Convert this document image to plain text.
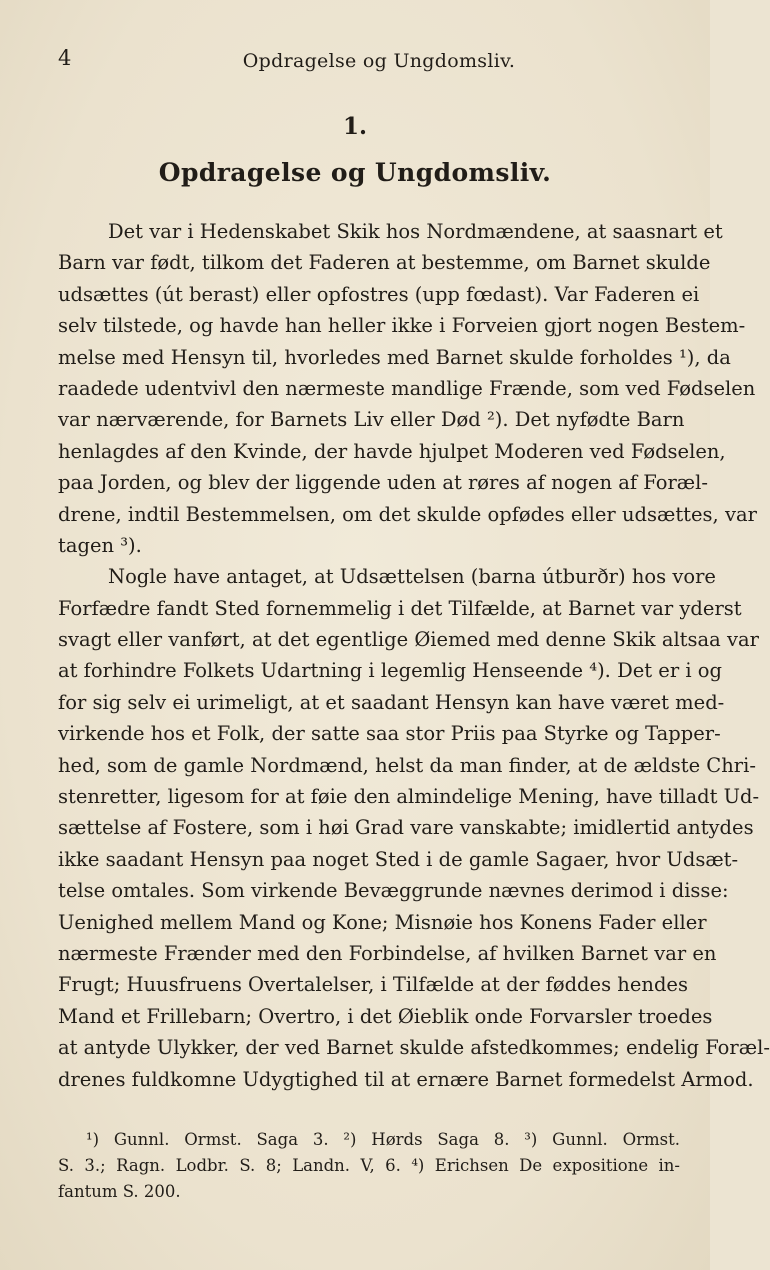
4	Opdragelse og Ungdomsliv.
1.
Opdragelse og Ungdomsliv.
Det var i Hedenskabet Skik hos Nordmændene, at saasnart et
Barn var født, tilkom det Faderen at bestemme, om Barnet skulde
udsættes (út berast) eller opfostres (upp fœdast). Var Faderen ei
selv tilstede, og havde han heller ikke i Forveien gjort nogen Bestem-
melse med Hensyn til, hvorledes med Barnet skulde forholdes ¹), da
raadede udentvivl den nærmeste mandlige Frænde, som ved Fødselen
var nærværende, for Barnets Liv eller Død ²). Det nyfødte Barn
henlagdes af den Kvinde, der havde hjulpet Moderen ved Fødselen,
paa Jorden, og blev der liggende uden at røres af nogen af Foræl-
drene, indtil Bestemmelsen, om det skulde opfødes eller udsættes, var
tagen ³).
Nogle have antaget, at Udsættelsen (barna útburðr) hos vore
Forfædre fandt Sted fornemmelig i det Tilfælde, at Barnet var yderst
svagt eller vanført, at det egentlige Øiemed med denne Skik altsaa var
at forhindre Folkets Udartning i legemlig Henseende ⁴). Det er i og
for sig selv ei urimeligt, at et saadant Hensyn kan have været med-
virkende hos et Folk, der satte saa stor Priis paa Styrke og Tapper-
hed, som de gamle Nordmænd, helst da man finder, at de ældste Chri-
stenretter, ligesom for at føie den almindelige Mening, have tilladt Ud-
sættelse af Fostere, som i høi Grad vare vanskabte; imidlertid antydes
ikke saadant Hensyn paa noget Sted i de gamle Sagaer, hvor Udsæt-
telse omtales. Som virkende Bevæggrunde nævnes derimod i disse:
Uenighed mellem Mand og Kone; Misnøie hos Konens Fader eller
nærmeste Frænder med den Forbindelse, af hvilken Barnet var en
Frugt; Huusfruens Overtalelser, i Tilfælde at der føddes hendes
Mand et Frillebarn; Overtro, i det Øieblik onde Forvarsler troedes
at antyde Ulykker, der ved Barnet skulde afstedkommes; endelig Foræl-
drenes fuldkomne Udygtighed til at ernære Barnet formedelst Armod.
¹) Gunnl. Ormst. Saga 3. ²) Hørds Saga 8. ³) Gunnl. Ormst.
S. 3.; Ragn. Lodbr. S. 8; Landn. V, 6. ⁴) Erichsen De expositione in-
fantum S. 200.
